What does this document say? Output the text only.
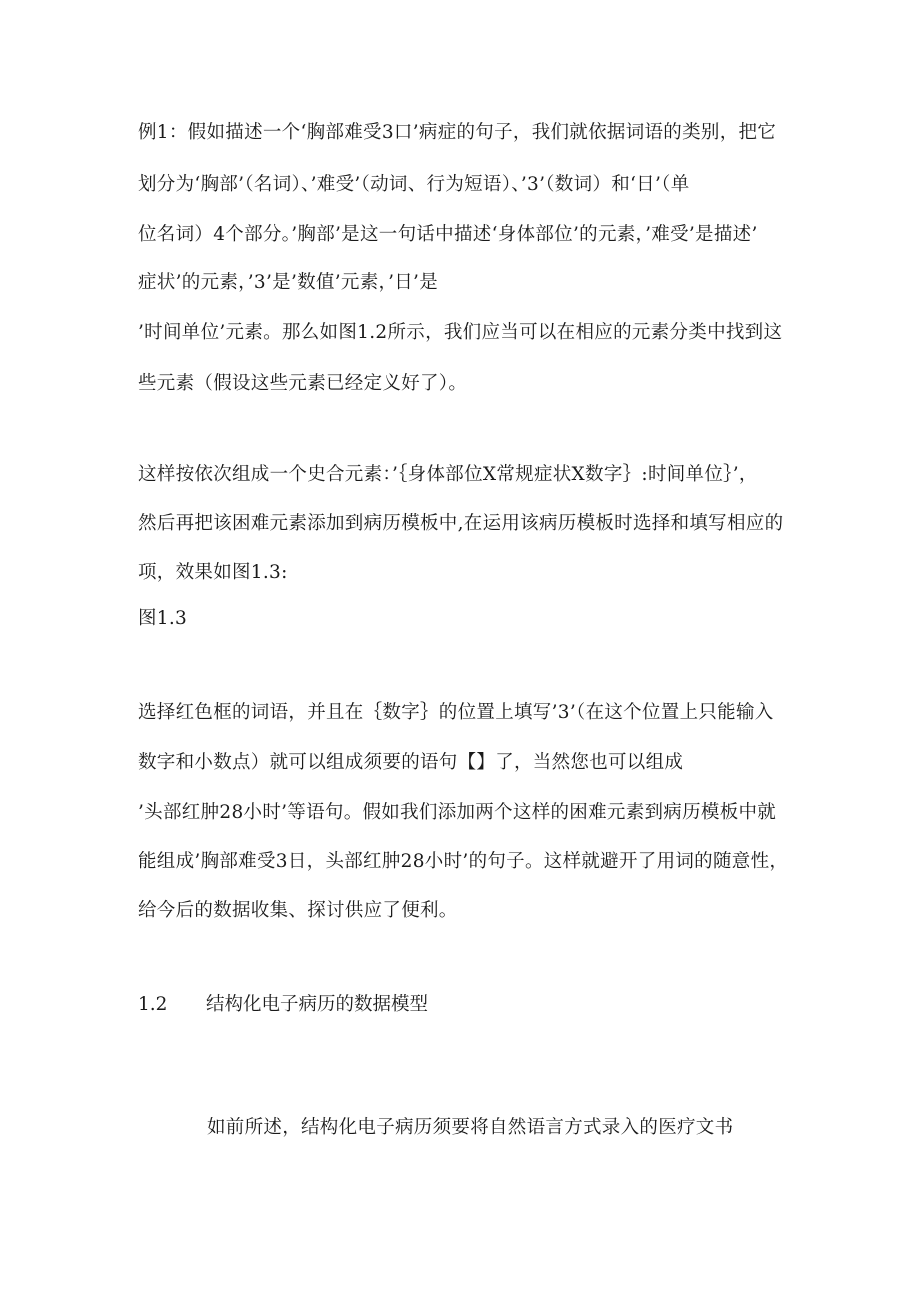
例1：假如描述一个‘胸部难受3口’病症的句子，我们就依据词语的类别，把它
划分为‘胸部’（名词）、’难受’（动词、行为短语）、’3’（数词）和‘日’（单
位名词）4个部分。’胸部’是这一句话中描述‘身体部位’的元素，’难受’是描述’
症状’的元素，’3’是’数值’元素，’日’是
’时间单位’元素。那么如图1.2所示，我们应当可以在相应的元素分类中找到这
些元素（假设这些元素已经定义好了）。
这样按依次组成一个史合元素：’｛身体部位X常规症状X数字｝:时间单位｝’，
然后再把该困难元素添加到病历模板中,在运用该病历模板时选择和填写相应的
项，效果如图1.3:
图1.3
选择红色框的词语，并且在｛数字｝的位置上填写’3’（在这个位置上只能输入
数字和小数点）就可以组成须要的语句【】了，当然您也可以组成
’头部红肿28小时’等语句。假如我们添加两个这样的困难元素到病历模板中就
能组成’胸部难受3日，头部红肿28小时’的句子。这样就避开了用词的随意性，
给今后的数据收集、探讨供应了便利。
1.2 结构化电子病历的数据模型
如前所述，结构化电子病历须要将自然语言方式录入的医疗文书
